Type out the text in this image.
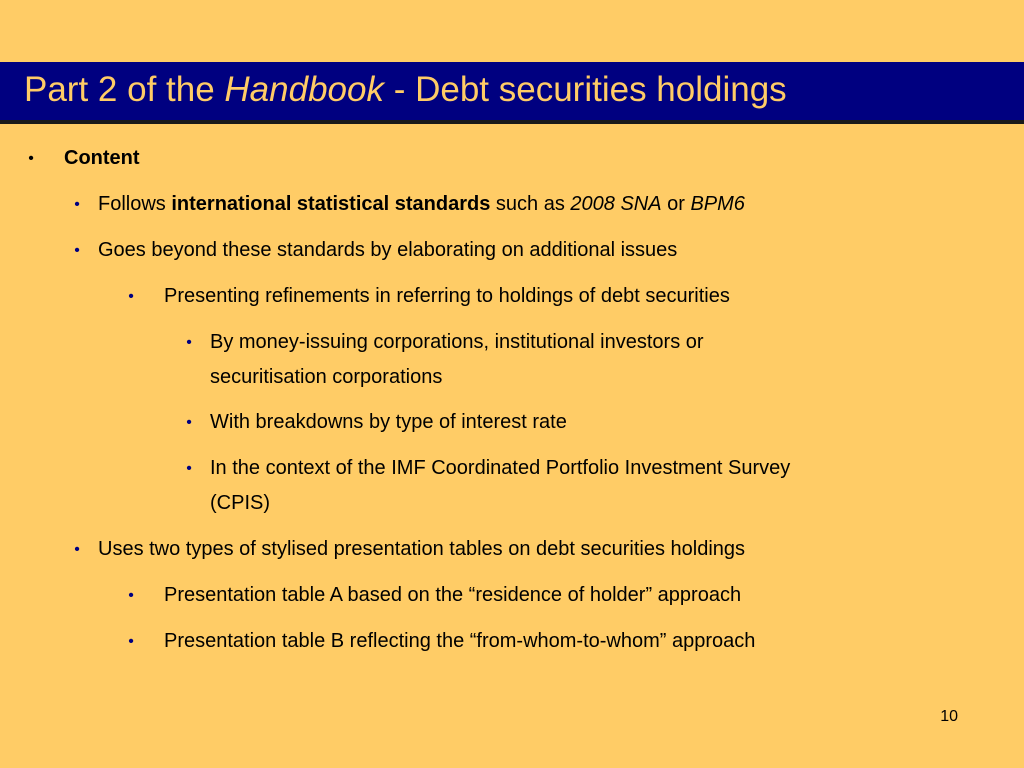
Part 2 of the Handbook - Debt securities holdings
• Content
• Follows international statistical standards such as 2008 SNA or BPM6
• Goes beyond these standards by elaborating on additional issues
• Presenting refinements in referring to holdings of debt securities
• By money-issuing corporations, institutional investors or
securitisation corporations
• With breakdowns by type of interest rate
• In the context of the IMF Coordinated Portfolio Investment Survey
(CPIS)
• Uses two types of stylised presentation tables on debt securities holdings
• Presentation table A based on the “residence of holder” approach
• Presentation table B reflecting the “from-whom-to-whom” approach
10
